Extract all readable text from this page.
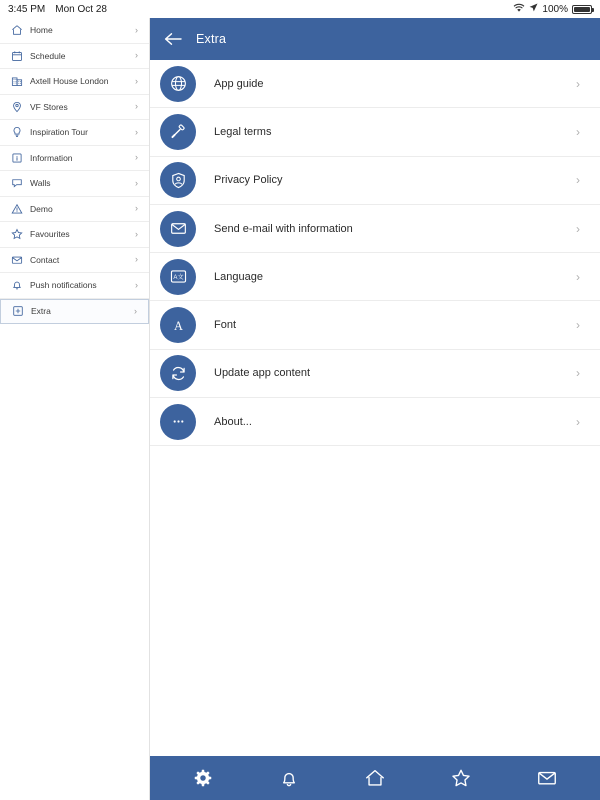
3:45 PM Mon Oct 28	100%
Home
›
Schedule
›
Axtell House London
›
VF Stores
›
Inspiration Tour
›
Information
›
Walls
›
Demo
›
Favourites
›
Contact
›
Push notifications
›
Extra
›
Extra
App guide
›
Legal terms
›
Privacy Policy
›
Send e-mail with information
›
A文	Language
›
A	Font
›
Update app content
›
About...
›
